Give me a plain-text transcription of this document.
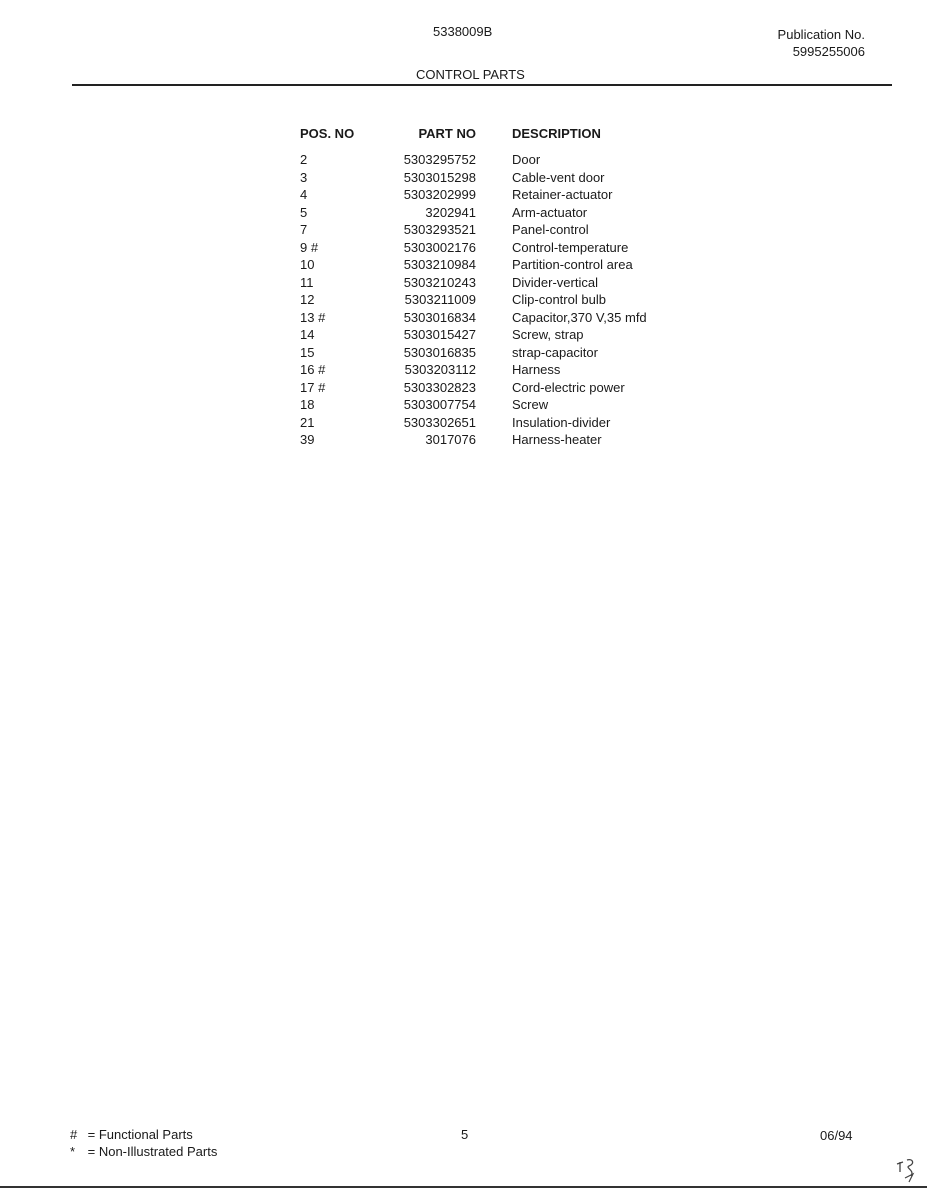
5338009B	Publication No.
5995255006
CONTROL PARTS
POS. NO	PART NO	DESCRIPTION
2	5303295752	Door
3	5303015298	Cable-vent door
4	5303202999	Retainer-actuator
5	3202941	Arm-actuator
7	5303293521	Panel-control
9 #	5303002176	Control-temperature
10	5303210984	Partition-control area
11	5303210243	Divider-vertical
12	5303211009	Clip-control bulb
13 #	5303016834	Capacitor,370 V,35 mfd
14	5303015427	Screw, strap
15	5303016835	strap-capacitor
16 #	5303203112	Harness
17 #	5303302823	Cord-electric power
18	5303007754	Screw
21	5303302651	Insulation-divider
39	3017076	Harness-heater
# = Functional Parts
* = Non-Illustrated Parts
5	06/94
